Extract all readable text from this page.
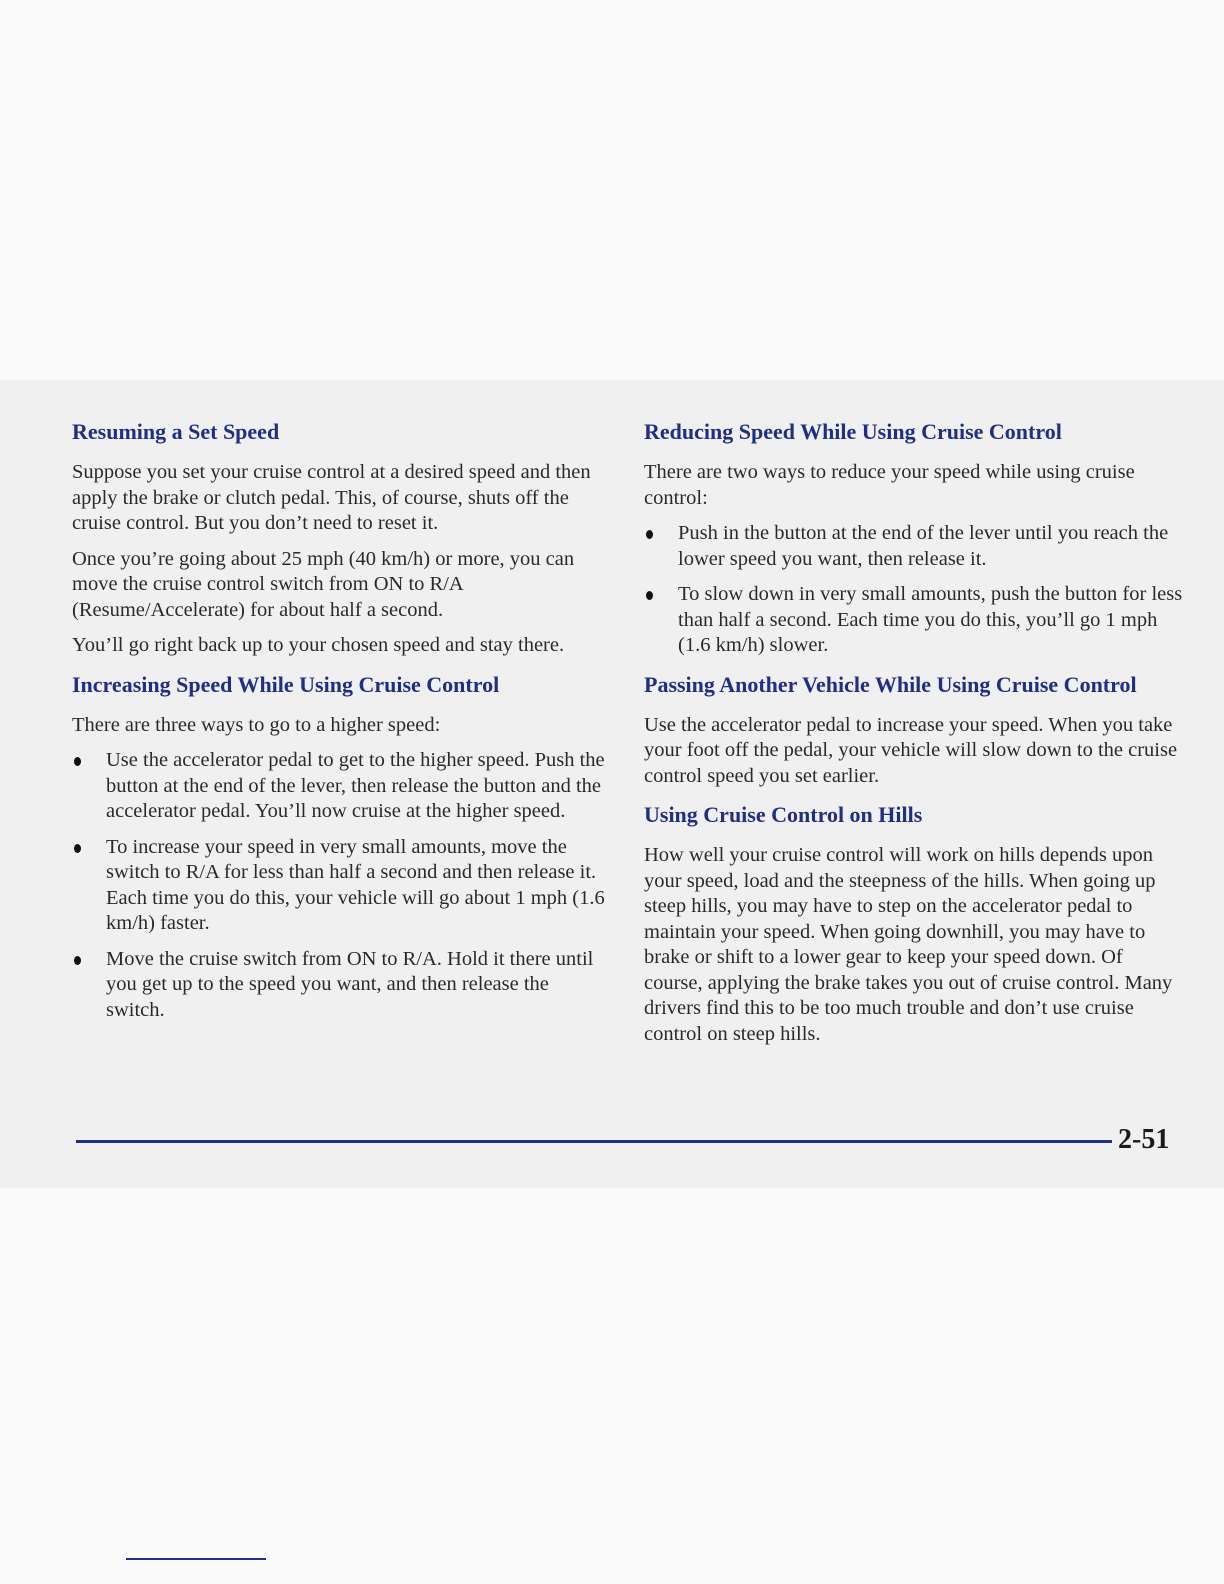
Resuming a Set Speed

Suppose you set your cruise control at a desired speed and then apply the brake or clutch pedal. This, of course, shuts off the cruise control. But you don’t need to reset it.

Once you’re going about 25 mph (40 km/h) or more, you can move the cruise control switch from ON to R/A (Resume/Accelerate) for about half a second.

You’ll go right back up to your chosen speed and stay there.

Increasing Speed While Using Cruise Control

There are three ways to go to a higher speed:

Use the accelerator pedal to get to the higher speed. Push the button at the end of the lever, then release the button and the accelerator pedal. You’ll now cruise at the higher speed.
To increase your speed in very small amounts, move the switch to R/A for less than half a second and then release it. Each time you do this, your vehicle will go about 1 mph (1.6 km/h) faster.
Move the cruise switch from ON to R/A. Hold it there until you get up to the speed you want, and then release the switch.
Reducing Speed While Using Cruise Control

There are two ways to reduce your speed while using cruise control:

Push in the button at the end of the lever until you reach the lower speed you want, then release it.
To slow down in very small amounts, push the button for less than half a second. Each time you do this, you’ll go 1 mph (1.6 km/h) slower.
Passing Another Vehicle While Using Cruise Control

Use the accelerator pedal to increase your speed. When you take your foot off the pedal, your vehicle will slow down to the cruise control speed you set earlier.

Using Cruise Control on Hills

How well your cruise control will work on hills depends upon your speed, load and the steepness of the hills. When going up steep hills, you may have to step on the accelerator pedal to maintain your speed. When going downhill, you may have to brake or shift to a lower gear to keep your speed down. Of course, applying the brake takes you out of cruise control. Many drivers find this to be too much trouble and don’t use cruise control on steep hills.

2-51
